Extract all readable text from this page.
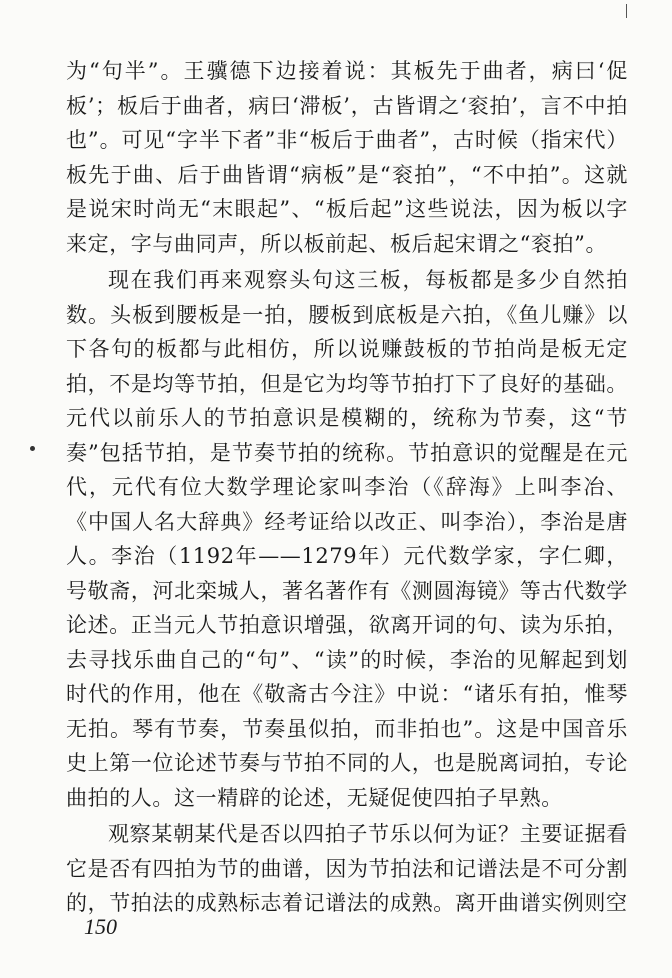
为“句半”。王骥德下边接着说：其板先于曲者，病曰‘促板’；板后于曲者，病曰‘滞板’，古皆谓之‘衮拍’，言不中拍也”。可见“字半下者”非“板后于曲者”，古时候（指宋代）板先于曲、后于曲皆谓“病板”是“衮拍”，“不中拍”。这就是说宋时尚无“末眼起”、“板后起”这些说法，因为板以字来定，字与曲同声，所以板前起、板后起宋谓之“衮拍”。

现在我们再来观察头句这三板，每板都是多少自然拍数。头板到腰板是一拍，腰板到底板是六拍，《鱼儿赚》以下各句的板都与此相仿，所以说赚鼓板的节拍尚是板无定拍，不是均等节拍，但是它为均等节拍打下了良好的基础。元代以前乐人的节拍意识是模糊的，统称为节奏，这“节奏”包括节拍，是节奏节拍的统称。节拍意识的觉醒是在元代，元代有位大数学理论家叫李治（《辞海》上叫李冶、《中国人名大辞典》经考证给以改正、叫李治），李治是唐人。李治（1192年——1279年）元代数学家，字仁卿，号敬斋，河北栾城人，著名著作有《测圆海镜》等古代数学论述。正当元人节拍意识增强，欲离开词的句、读为乐拍，去寻找乐曲自己的“句”、“读”的时候，李治的见解起到划时代的作用，他在《敬斋古今注》中说：“诸乐有拍，惟琴无拍。琴有节奏，节奏虽似拍，而非拍也”。这是中国音乐史上第一位论述节奏与节拍不同的人，也是脱离词拍，专论曲拍的人。这一精辟的论述，无疑促使四拍子早熟。

观察某朝某代是否以四拍子节乐以何为证？主要证据看它是否有四拍为节的曲谱，因为节拍法和记谱法是不可分割的，节拍法的成熟标志着记谱法的成熟。离开曲谱实例则空

150
